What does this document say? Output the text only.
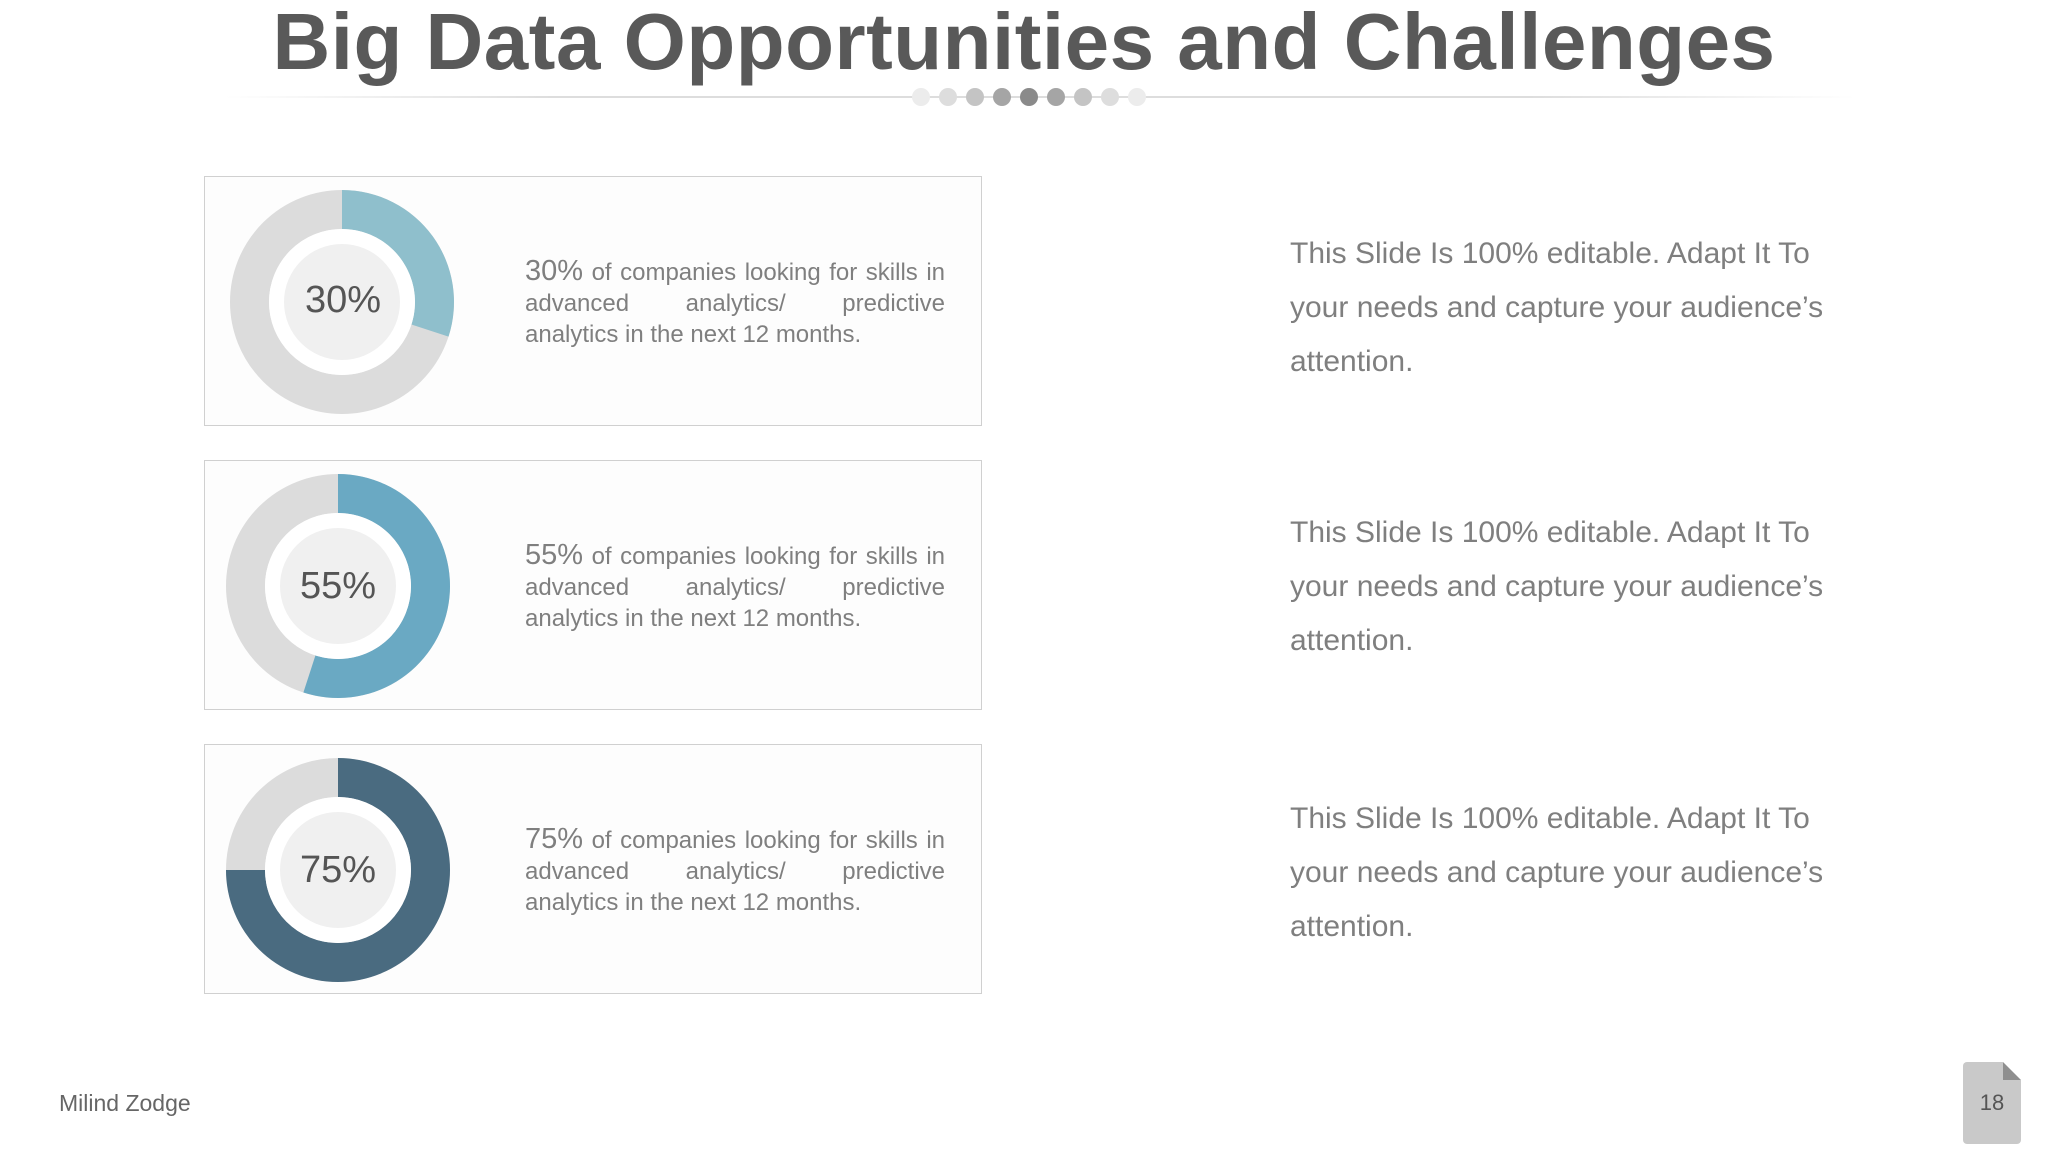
Big Data Opportunities and Challenges
30%
30% of companies looking for skills in advanced analytics/ predictive analytics in the next 12 months.
55%
55% of companies looking for skills in advanced analytics/ predictive analytics in the next 12 months.
75%
75% of companies looking for skills in advanced analytics/ predictive analytics in the next 12 months.
This Slide Is 100% editable. Adapt It To your needs and capture your audience’s attention.
This Slide Is 100% editable. Adapt It To your needs and capture your audience’s attention.
This Slide Is 100% editable. Adapt It To your needs and capture your audience’s attention.
Milind Zodge	18
